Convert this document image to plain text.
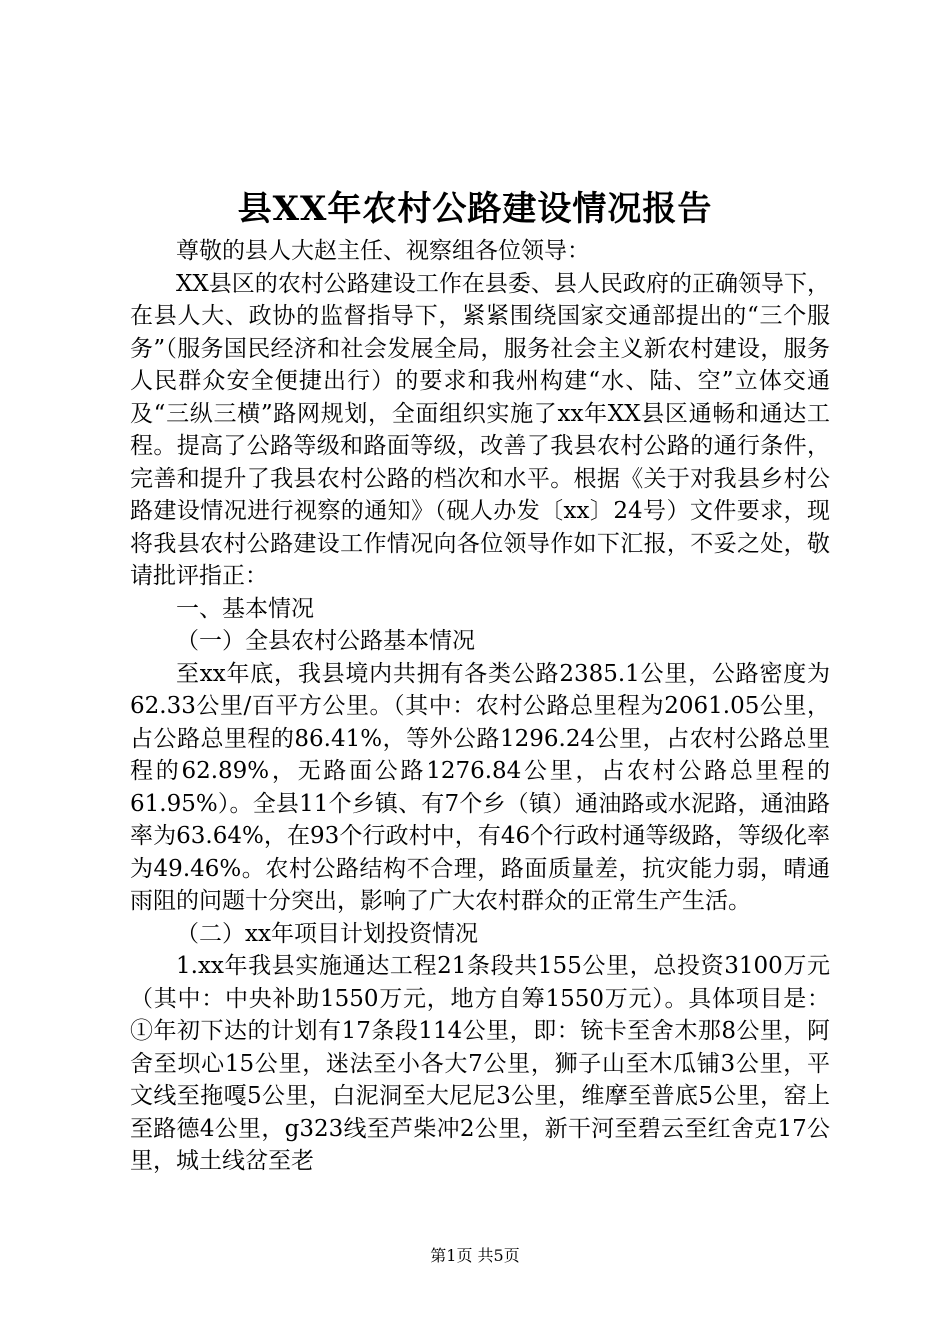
县XX年农村公路建设情况报告

尊敬的县人大赵主任、视察组各位领导：

XX县区的农村公路建设工作在县委、县人民政府的正确领导下，在县人大、政协的监督指导下，紧紧围绕国家交通部提出的“三个服务”（服务国民经济和社会发展全局，服务社会主义新农村建设，服务人民群众安全便捷出行）的要求和我州构建“水、陆、空”立体交通及“三纵三横”路网规划，全面组织实施了xx年XX县区通畅和通达工程。提高了公路等级和路面等级，改善了我县农村公路的通行条件，完善和提升了我县农村公路的档次和水平。根据《关于对我县乡村公路建设情况进行视察的通知》（砚人办发〔xx〕24号）文件要求，现将我县农村公路建设工作情况向各位领导作如下汇报，不妥之处，敬请批评指正：

一、基本情况

（一）全县农村公路基本情况

至xx年底，我县境内共拥有各类公路2385.1公里，公路密度为62.33公里/百平方公里。（其中：农村公路总里程为2061.05公里，占公路总里程的86.41%，等外公路1296.24公里，占农村公路总里程的62.89%，无路面公路1276.84公里，占农村公路总里程的61.95%）。全县11个乡镇、有7个乡（镇）通油路或水泥路，通油路率为63.64%，在93个行政村中，有46个行政村通等级路，等级化率为49.46%。农村公路结构不合理，路面质量差，抗灾能力弱，晴通雨阻的问题十分突出，影响了广大农村群众的正常生产生活。

（二）xx年项目计划投资情况

1.xx年我县实施通达工程21条段共155公里，总投资3100万元（其中：中央补助1550万元，地方自筹1550万元）。具体项目是：①年初下达的计划有17条段114公里，即：铳卡至舍木那8公里，阿舍至坝心15公里，迷法至小各大7公里，狮子山至木瓜铺3公里，平文线至拖嘎5公里，白泥洞至大尼尼3公里，维摩至普底5公里，窑上至路德4公里，g323线至芦柴冲2公里，新干河至碧云至红舍克17公里，城土线岔至老

第1页 共5页
